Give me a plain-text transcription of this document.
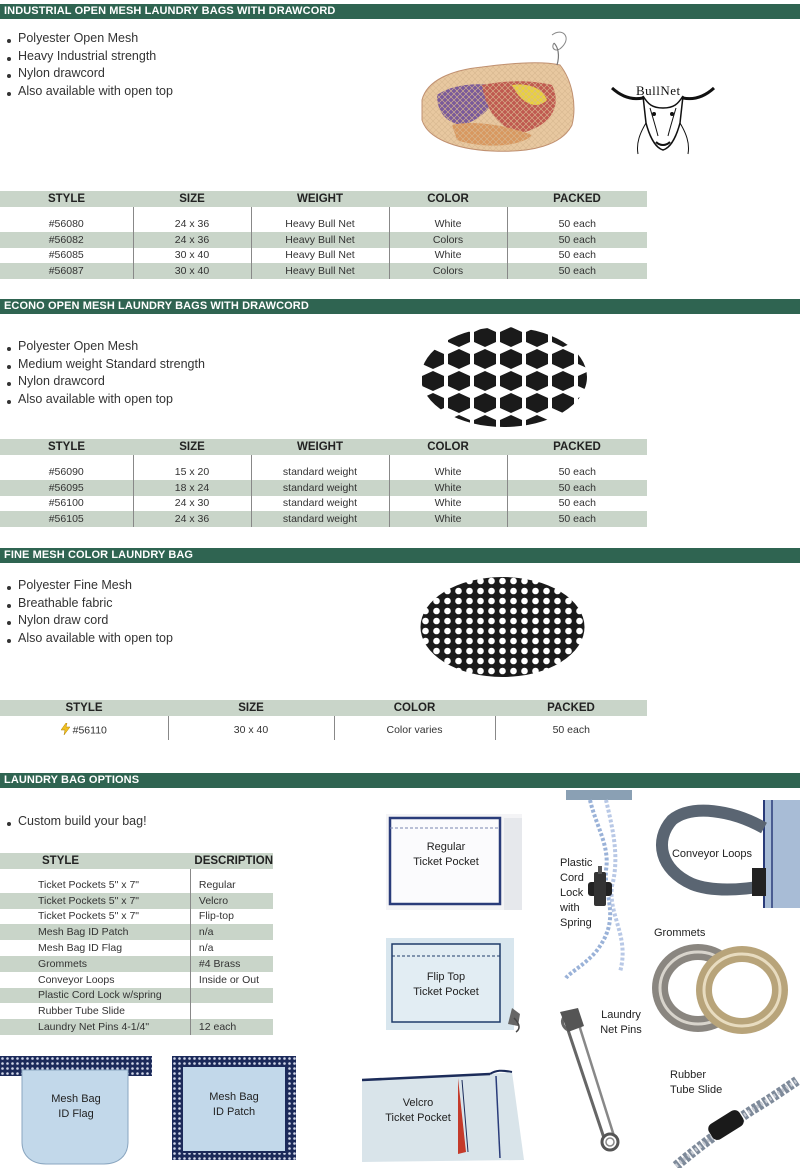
INDUSTRIAL OPEN MESH LAUNDRY BAGS WITH DRAWCORD
Polyester Open Mesh
Heavy Industrial strength
Nylon drawcord
Also available with open top	BullNet
STYLE	SIZE	WEIGHT	COLOR	PACKED

#56080	24 x 36	Heavy Bull Net	White	50 each
#56082	24 x 36	Heavy Bull Net	Colors	50 each
#56085	30 x 40	Heavy Bull Net	White	50 each
#56087	30 x 40	Heavy Bull Net	Colors	50 each
ECONO OPEN MESH LAUNDRY BAGS WITH DRAWCORD
Polyester Open Mesh
Medium weight Standard strength
Nylon drawcord
Also available with open top
STYLE	SIZE	WEIGHT	COLOR	PACKED

#56090	15 x 20	standard weight	White	50 each
#56095	18 x 24	standard weight	White	50 each
#56100	24 x 30	standard weight	White	50 each
#56105	24 x 36	standard weight	White	50 each
FINE MESH COLOR LAUNDRY BAG
Polyester Fine Mesh
Breathable fabric
Nylon draw cord
Also available with open top
STYLE	SIZE	COLOR	PACKED

#56110	30 x 40	Color varies	50 each
LAUNDRY BAG OPTIONS
Custom build your bag!
STYLE	DESCRIPTION

Ticket Pockets 5" x 7"	Regular
Ticket Pockets 5" x 7"	Velcro
Ticket Pockets 5" x 7"	Flip-top
Mesh Bag ID Patch	n/a
Mesh Bag ID Flag	n/a
Grommets	#4 Brass
Conveyor Loops	Inside or Out
Plastic Cord Lock w/spring	
Rubber Tube Slide	
Laundry Net Pins 4-1/4"	12 each
Regular
Ticket Pocket
Flip Top
Ticket Pocket
Velcro
Ticket Pocket
Plastic
Cord
Lock
with
Spring
Laundry
Net Pins
Conveyor Loops
Grommets
Rubber
Tube Slide
Mesh Bag
ID Flag
Mesh Bag
ID Patch
